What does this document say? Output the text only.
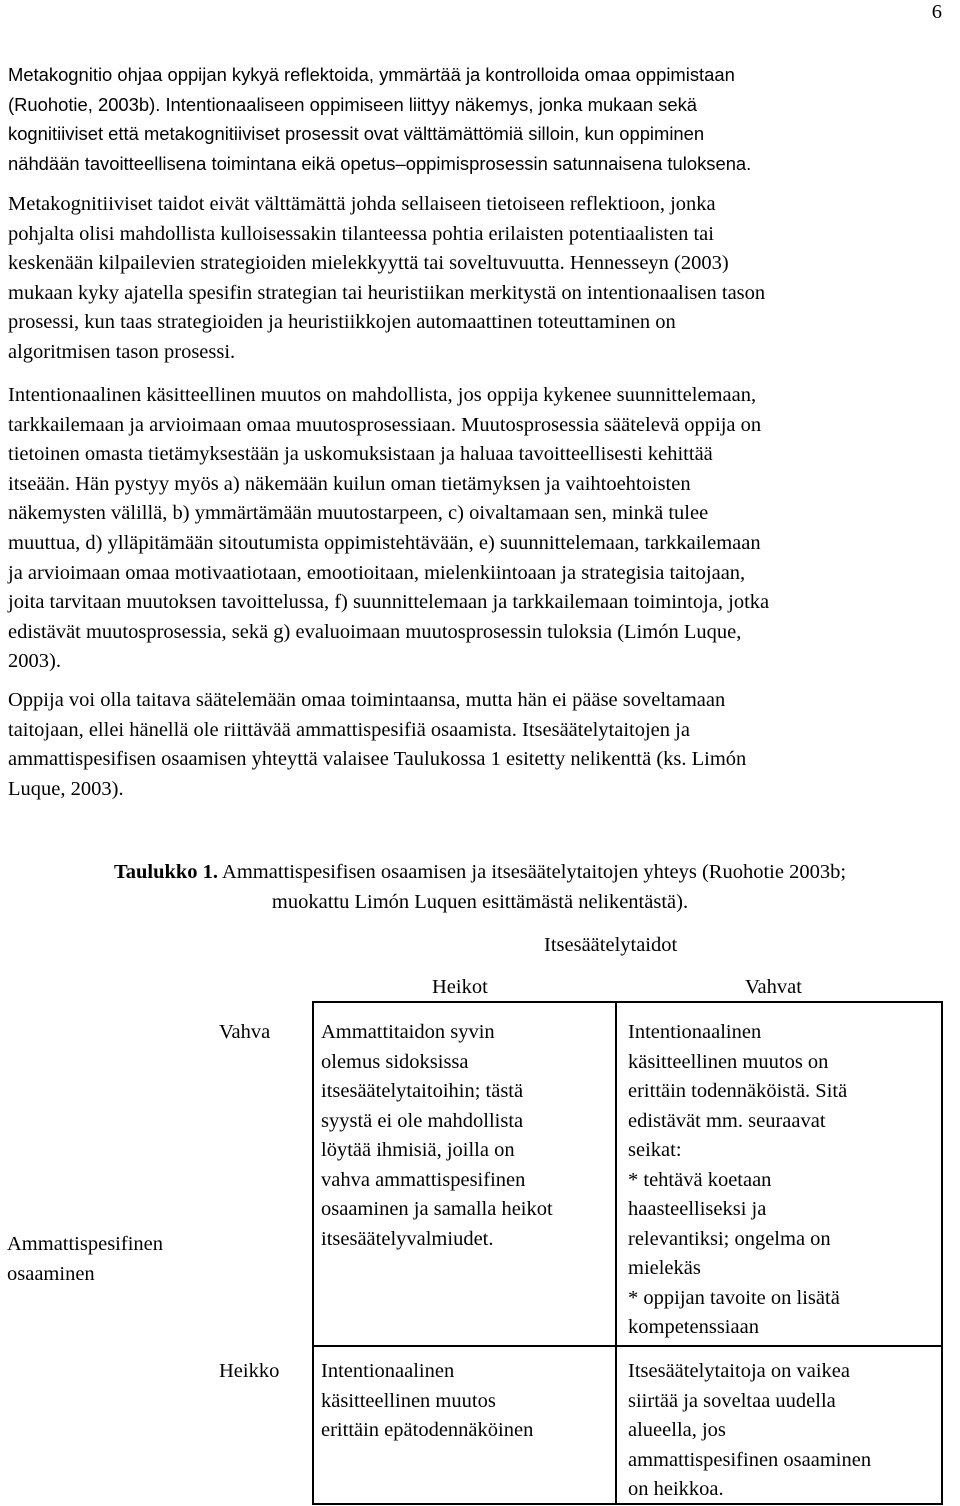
6
Metakognitio ohjaa oppijan kykyä reflektoida, ymmärtää ja kontrolloida omaa oppimistaan
(Ruohotie, 2003b). Intentionaaliseen oppimiseen liittyy näkemys, jonka mukaan sekä
kognitiiviset että metakognitiiviset prosessit ovat välttämättömiä silloin, kun oppiminen
nähdään tavoitteellisena toimintana eikä opetus–oppimisprosessin satunnaisena tuloksena.
Metakognitiiviset taidot eivät välttämättä johda sellaiseen tietoiseen reflektioon, jonka
pohjalta olisi mahdollista kulloisessakin tilanteessa pohtia erilaisten potentiaalisten tai
keskenään kilpailevien strategioiden mielekkyyttä tai soveltuvuutta. Hennesseyn (2003)
mukaan kyky ajatella spesifin strategian tai heuristiikan merkitystä on intentionaalisen tason
prosessi, kun taas strategioiden ja heuristiikkojen automaattinen toteuttaminen on
algoritmisen tason prosessi.
Intentionaalinen käsitteellinen muutos on mahdollista, jos oppija kykenee suunnittelemaan,
tarkkailemaan ja arvioimaan omaa muutosprosessiaan. Muutosprosessia säätelevä oppija on
tietoinen omasta tietämyksestään ja uskomuksistaan ja haluaa tavoitteellisesti kehittää
itseään. Hän pystyy myös a) näkemään kuilun oman tietämyksen ja vaihtoehtoisten
näkemysten välillä, b) ymmärtämään muutostarpeen, c) oivaltamaan sen, minkä tulee
muuttua, d) ylläpitämään sitoutumista oppimistehtävään, e) suunnittelemaan, tarkkailemaan
ja arvioimaan omaa motivaatiotaan, emootioitaan, mielenkiintoaan ja strategisia taitojaan,
joita tarvitaan muutoksen tavoittelussa, f) suunnittelemaan ja tarkkailemaan toimintoja, jotka
edistävät muutosprosessia, sekä g) evaluoimaan muutosprosessin tuloksia (Limón Luque,
2003).
Oppija voi olla taitava säätelemään omaa toimintaansa, mutta hän ei pääse soveltamaan
taitojaan, ellei hänellä ole riittävää ammattispesifiä osaamista. Itsesäätelytaitojen ja
ammattispesifisen osaamisen yhteyttä valaisee Taulukossa 1 esitetty nelikenttä (ks. Limón
Luque, 2003).
Taulukko 1. Ammattispesifisen osaamisen ja itsesäätelytaitojen yhteys (Ruohotie 2003b;
muokattu Limón Luquen esittämästä nelikentästä).
Itsesäätelytaidot
Heikot	Vahvat
Vahva
Heikko
Ammattispesifinen
osaaminen
Ammattitaidon syvin
olemus sidoksissa
itsesäätelytaitoihin; tästä
syystä ei ole mahdollista
löytää ihmisiä, joilla on
vahva ammattispesifinen
osaaminen ja samalla heikot
itsesäätelyvalmiudet.
Intentionaalinen
käsitteellinen muutos on
erittäin todennäköistä. Sitä
edistävät mm. seuraavat
seikat:
* tehtävä koetaan
haasteelliseksi ja
relevantiksi; ongelma on
mielekäs
* oppijan tavoite on lisätä
kompetenssiaan
Intentionaalinen
käsitteellinen muutos
erittäin epätodennäköinen
Itsesäätelytaitoja on vaikea
siirtää ja soveltaa uudella
alueella, jos
ammattispesifinen osaaminen
on heikkoa.
